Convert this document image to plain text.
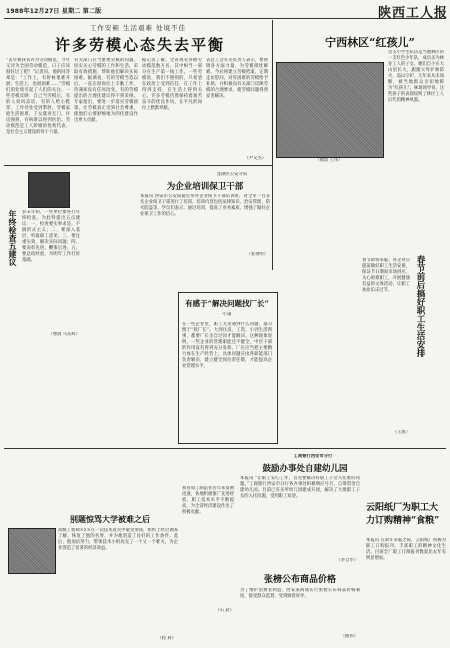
1988年12月27日 星期二 第二版	陕西工人报
工作安顿 生活艰难 处境不佳
许多劳模心态失去平衡
“去年被我省评为劳动模范，今年又评为全国劳动模范，日子应该很好过了吧？”记者问。他的回答却是：“工作上，有时候很难开展；生活上，也很困难……”劳模们的处境引起了人们的关注。一些劳模反映：自己当劳模后，有的人说风凉话，有的人给小鞋穿，工作处处受到掣肘。劳模家庭生活困难，子女就业无门，住房拥挤，有病难以得到医治。劳动模范是工人阶级的优秀代表，是社会主义建设的骨干力量。
有关部门应当重视劳模的问题，切实关心劳模的工作和生活，采取有效措施，帮助他们解决实际困难。据调查，有的劳模当选以后，一直在原岗位上辛勤工作，待遇却没有任何改变。有的劳模提出的合理化建议得不到采纳。专家指出，要进一步落实劳模政策，让劳模真正受到社会尊重，使他们心情舒畅地为四化建设作出更大贡献。
据记者了解，全省现有各级劳动模范数万名，其中相当一部分在生产第一线工作。一些劳模说，我们不图别的，只希望在政治上受到信任，在工作上得到支持，在生活上得到关心。许多劳模仍然保持着艰苦奋斗的优良作风，在平凡的岗位上默默奉献。
省总工会有关负责人表示，要协调各方面力量，为劳模排忧解难。今后将建立劳模档案，定期走访慰问，对有困难的劳模给予补助，并积极向有关部门反映劳模的合理要求，使劳模问题得到妥善解决。
（尹文杰）
宁西林区“红孩儿”
这支小学生队伍是当地林区的一支红色少年队，成员多为林业工人的子女。她们自小在大山里长大，跟随父母护林防火，巡山守护，几年来从未间断，被当地群众亲切地称为“红孩儿”。林场领导说，这些孩子的表现说明了林区工人后代的精神风貌。
（摄影 王伟）
年终检查五建议 岁末年初，一些单位要进行年终检查。为此特提出五点建议：一、检查要实事求是，不搞形式主义；二、要深入基层，听取职工意见；三、要注重实效，解决实际问题；四、要表彰先进，鞭策后进；五、要总结经验，为明年工作打好基础。
（曹润 马东辉）
莲湖区公安分局
为企业培训保卫干部
本报讯 西安市公安局最近举办企业保卫干部培训班，对全市一百多名企业保卫干部进行了培训。培训内容包括法律知识、治安管理、防火防盗等。学员们表示，通过培训，提高了业务素质，增强了做好企业保卫工作的信心。
（张勇明）
有感于“解决问题找厂长”
·小董·
在一些企业里，职工无论遇到什么问题，都习惯于“找厂长”。大到住房、工资，小到生活琐事，都要厂长亲自过问才能解决。这种现象说明，一些企业的管理职能还不健全，中层干部的作用没有得到充分发挥。厂长应当把主要精力放在生产经营上，具体问题应由各职能部门负责解决，建立健全岗位责任制，才能提高企业管理水平。
春节前后搞好职工生活安排
春节即将来临，各企业应提前做好职工生活安排，保证节日期间市场供应，关心困难职工，开展健康有益的文体活动，让职工欢欢乐乐过节。
（王凯）
工商银行西安市分行
鼓励办事处自建幼儿园
本报讯 “让职工安心工作，首先要解决好职工子女入托难的问题。”工商银行西安市分行各办事处积极响应号召，自筹资金自建幼儿园。目前已有多所幼儿园建成开园，解决了大批职工子女的入托问题，受到职工欢迎。
（李自华）
云阳纸厂为职工大力订购精神“食粮”
本报讯 在新年来临之际，云阳纸厂积极为职工订购报刊，丰富职工的精神文化生活。目前全厂职工订阅报刊数量比去年有明显增加。
别题惊骂大学被难之后
高级工程师×××在一次技术攻关中蒙受委屈，组织上经过调查了解，恢复了他的名誉，并为他创造了良好的工作条件。此后，他加倍努力，带领技术小组攻克了一个又一个难关，为企业创造了显著的经济效益。
（程 莉）
我省加工制造业近年来发展迅速，各地积极推广先进经验，职工技术水平不断提高，为全省经济建设作出了积极贡献。
（石 武）
张榜公布商品价格
为了维护消费者利益，西安某商场实行张榜公布商品价格制度，接受群众监督，受到顾客好评。
（熊伟）
